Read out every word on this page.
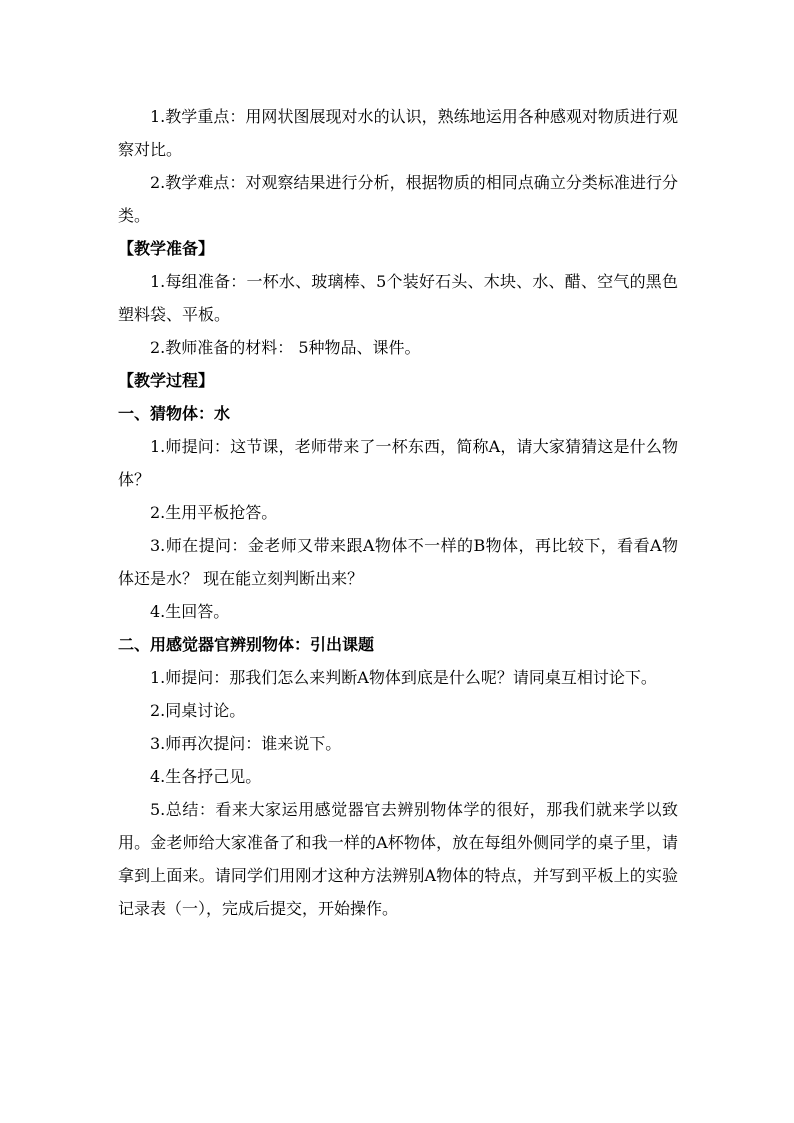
1.教学重点：用网状图展现对水的认识，熟练地运用各种感观对物质进行观察对比。

2.教学难点：对观察结果进行分析，根据物质的相同点确立分类标准进行分类。

【教学准备】

1.每组准备：一杯水、玻璃棒、5个装好石头、木块、水、醋、空气的黑色塑料袋、平板。

2.教师准备的材料： 5种物品、课件。

【教学过程】

一、猜物体：水

1.师提问：这节课，老师带来了一杯东西，简称A，请大家猜猜这是什么物体？

2.生用平板抢答。

3.师在提问：金老师又带来跟A物体不一样的B物体，再比较下，看看A物体还是水？ 现在能立刻判断出来？

4.生回答。

二、用感觉器官辨别物体：引出课题

1.师提问：那我们怎么来判断A物体到底是什么呢？请同桌互相讨论下。

2.同桌讨论。

3.师再次提问：谁来说下。

4.生各抒己见。

5.总结：看来大家运用感觉器官去辨别物体学的很好，那我们就来学以致用。金老师给大家准备了和我一样的A杯物体，放在每组外侧同学的桌子里，请拿到上面来。请同学们用刚才这种方法辨别A物体的特点，并写到平板上的实验记录表（一），完成后提交，开始操作。
